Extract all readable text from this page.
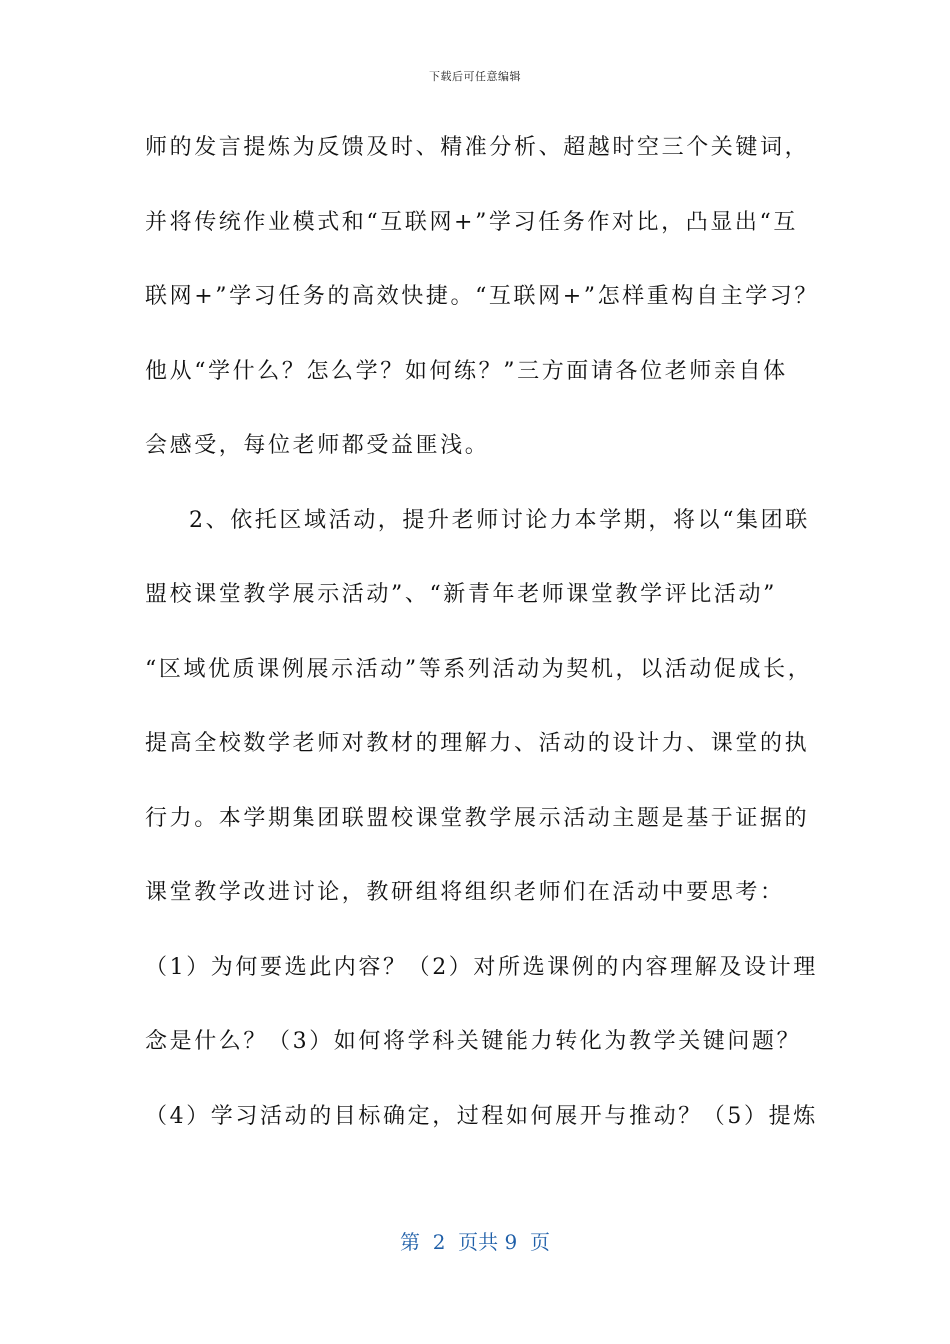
下载后可任意编辑
师的发言提炼为反馈及时、精准分析、超越时空三个关键词，
并将传统作业模式和“互联网+”学习任务作对比，凸显出“互
联网+”学习任务的高效快捷。“互联网+”怎样重构自主学习？
他从“学什么？怎么学？如何练？”三方面请各位老师亲自体
会感受，每位老师都受益匪浅。
2、依托区域活动，提升老师讨论力本学期，将以“集团联
盟校课堂教学展示活动”、“新青年老师课堂教学评比活动”
“区域优质课例展示活动”等系列活动为契机，以活动促成长，
提高全校数学老师对教材的理解力、活动的设计力、课堂的执
行力。本学期集团联盟校课堂教学展示活动主题是基于证据的
课堂教学改进讨论，教研组将组织老师们在活动中要思考：
（1）为何要选此内容？（2）对所选课例的内容理解及设计理
念是什么？（3）如何将学科关键能力转化为教学关键问题？
（4）学习活动的目标确定，过程如何展开与推动？（5）提炼
第  2  页共 9  页
